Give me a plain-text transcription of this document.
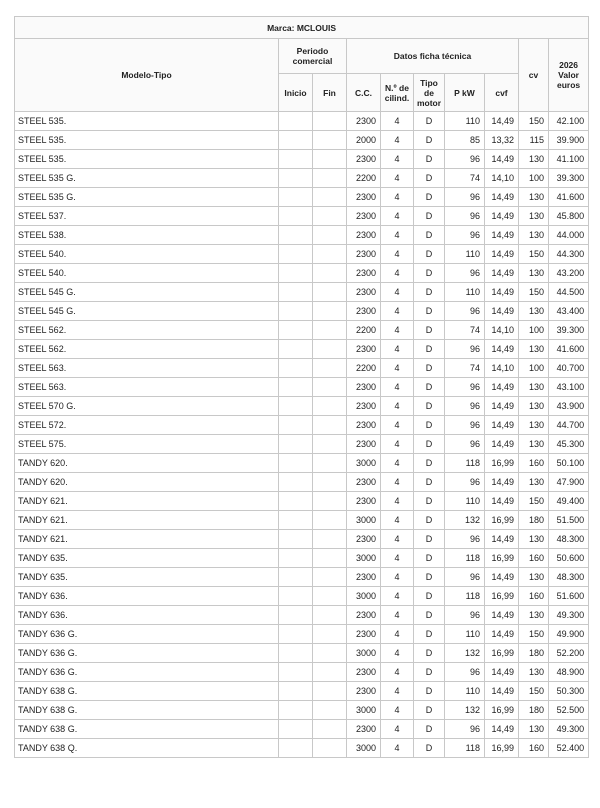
Marca: MCLOUIS									
Modelo-Tipo	Periodo comercial		Datos ficha técnica					cv	2026 Valor euros
	Inicio	Fin	C.C.	N.º de cilind.	Tipo de motor	P kW	cvf		
STEEL 535.			2300	4	D	110	14,49	150	42.100
STEEL 535.			2000	4	D	85	13,32	115	39.900
STEEL 535.			2300	4	D	96	14,49	130	41.100
STEEL 535 G.			2200	4	D	74	14,10	100	39.300
STEEL 535 G.			2300	4	D	96	14,49	130	41.600
STEEL 537.			2300	4	D	96	14,49	130	45.800
STEEL 538.			2300	4	D	96	14,49	130	44.000
STEEL 540.			2300	4	D	110	14,49	150	44.300
STEEL 540.			2300	4	D	96	14,49	130	43.200
STEEL 545 G.			2300	4	D	110	14,49	150	44.500
STEEL 545 G.			2300	4	D	96	14,49	130	43.400
STEEL 562.			2200	4	D	74	14,10	100	39.300
STEEL 562.			2300	4	D	96	14,49	130	41.600
STEEL 563.			2200	4	D	74	14,10	100	40.700
STEEL 563.			2300	4	D	96	14,49	130	43.100
STEEL 570 G.			2300	4	D	96	14,49	130	43.900
STEEL 572.			2300	4	D	96	14,49	130	44.700
STEEL 575.			2300	4	D	96	14,49	130	45.300
TANDY 620.			3000	4	D	118	16,99	160	50.100
TANDY 620.			2300	4	D	96	14,49	130	47.900
TANDY 621.			2300	4	D	110	14,49	150	49.400
TANDY 621.			3000	4	D	132	16,99	180	51.500
TANDY 621.			2300	4	D	96	14,49	130	48.300
TANDY 635.			3000	4	D	118	16,99	160	50.600
TANDY 635.			2300	4	D	96	14,49	130	48.300
TANDY 636.			3000	4	D	118	16,99	160	51.600
TANDY 636.			2300	4	D	96	14,49	130	49.300
TANDY 636 G.			2300	4	D	110	14,49	150	49.900
TANDY 636 G.			3000	4	D	132	16,99	180	52.200
TANDY 636 G.			2300	4	D	96	14,49	130	48.900
TANDY 638 G.			2300	4	D	110	14,49	150	50.300
TANDY 638 G.			3000	4	D	132	16,99	180	52.500
TANDY 638 G.			2300	4	D	96	14,49	130	49.300
TANDY 638 Q.			3000	4	D	118	16,99	160	52.400
